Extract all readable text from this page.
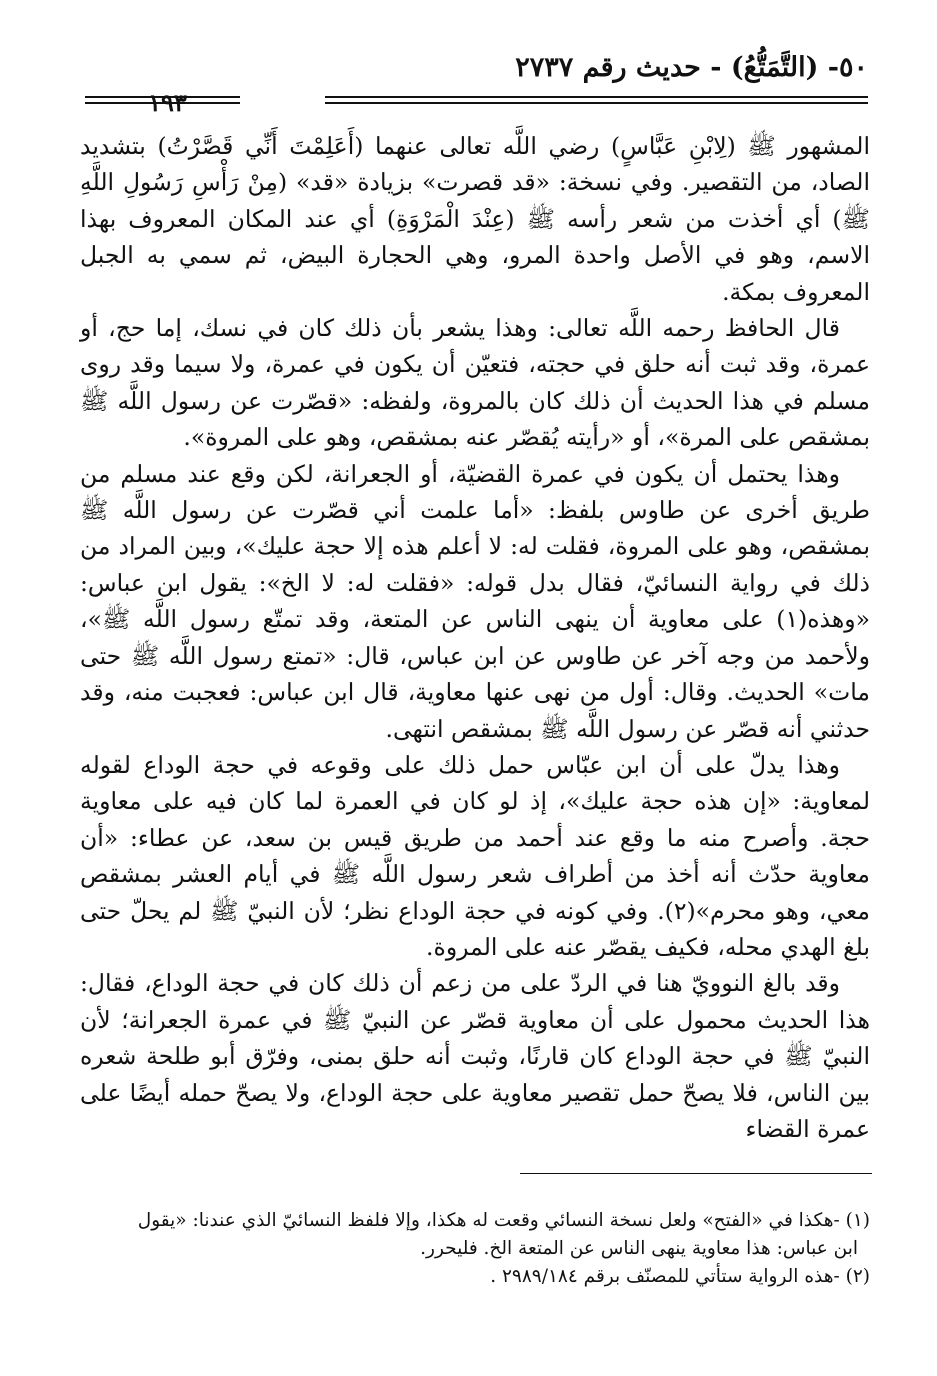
٥٠- (التَّمَتُّعُ) - حديث رقم ٢٧٣٧
١٩٣

المشهور ﷺ (لِابْنِ عَبَّاسٍ) رضي اللَّه تعالى عنهما (أَعَلِمْتَ أَنِّي قَصَّرْتُ) بتشديد الصاد، من التقصير. وفي نسخة: «قد قصرت» بزيادة «قد» (مِنْ رَأْسِ رَسُولِ اللَّهِ ﷺ) أي أخذت من شعر رأسه ﷺ (عِنْدَ الْمَرْوَةِ) أي عند المكان المعروف بهذا الاسم، وهو في الأصل واحدة المرو، وهي الحجارة البيض، ثم سمي به الجبل المعروف بمكة.

قال الحافظ رحمه اللَّه تعالى: وهذا يشعر بأن ذلك كان في نسك، إما حج، أو عمرة، وقد ثبت أنه حلق في حجته، فتعيّن أن يكون في عمرة، ولا سيما وقد روى مسلم في هذا الحديث أن ذلك كان بالمروة، ولفظه: «قصّرت عن رسول اللَّه ﷺ بمشقص على المرة»، أو «رأيته يُقصّر عنه بمشقص، وهو على المروة».

وهذا يحتمل أن يكون في عمرة القضيّة، أو الجعرانة، لكن وقع عند مسلم من طريق أخرى عن طاوس بلفظ: «أما علمت أني قصّرت عن رسول اللَّه ﷺ بمشقص، وهو على المروة، فقلت له: لا أعلم هذه إلا حجة عليك»، وبين المراد من ذلك في رواية النسائيّ، فقال بدل قوله: «فقلت له: لا الخ»: يقول ابن عباس: «وهذه(١) على معاوية أن ينهى الناس عن المتعة، وقد تمتّع رسول اللَّه ﷺ»، ولأحمد من وجه آخر عن طاوس عن ابن عباس، قال: «تمتع رسول اللَّه ﷺ حتى مات» الحديث. وقال: أول من نهى عنها معاوية، قال ابن عباس: فعجبت منه، وقد حدثني أنه قصّر عن رسول اللَّه ﷺ بمشقص انتهى.

وهذا يدلّ على أن ابن عبّاس حمل ذلك على وقوعه في حجة الوداع لقوله لمعاوية: «إن هذه حجة عليك»، إذ لو كان في العمرة لما كان فيه على معاوية حجة. وأصرح منه ما وقع عند أحمد من طريق قيس بن سعد، عن عطاء: «أن معاوية حدّث أنه أخذ من أطراف شعر رسول اللَّه ﷺ في أيام العشر بمشقص معي، وهو محرم»(٢). وفي كونه في حجة الوداع نظر؛ لأن النبيّ ﷺ لم يحلّ حتى بلغ الهدي محله، فكيف يقصّر عنه على المروة.

وقد بالغ النوويّ هنا في الردّ على من زعم أن ذلك كان في حجة الوداع، فقال: هذا الحديث محمول على أن معاوية قصّر عن النبيّ ﷺ في عمرة الجعرانة؛ لأن النبيّ ﷺ في حجة الوداع كان قارنًا، وثبت أنه حلق بمنى، وفرّق أبو طلحة شعره بين الناس، فلا يصحّ حمل تقصير معاوية على حجة الوداع، ولا يصحّ حمله أيضًا على عمرة القضاء

(١) -هكذا في «الفتح» ولعل نسخة النسائي وقعت له هكذا، وإلا فلفظ النسائيّ الذي عندنا: «يقول

ابن عباس: هذا معاوية ينهى الناس عن المتعة الخ. فليحرر.

(٢) -هذه الرواية ستأتي للمصنّف برقم ٢٩٨٩/١٨٤ .
